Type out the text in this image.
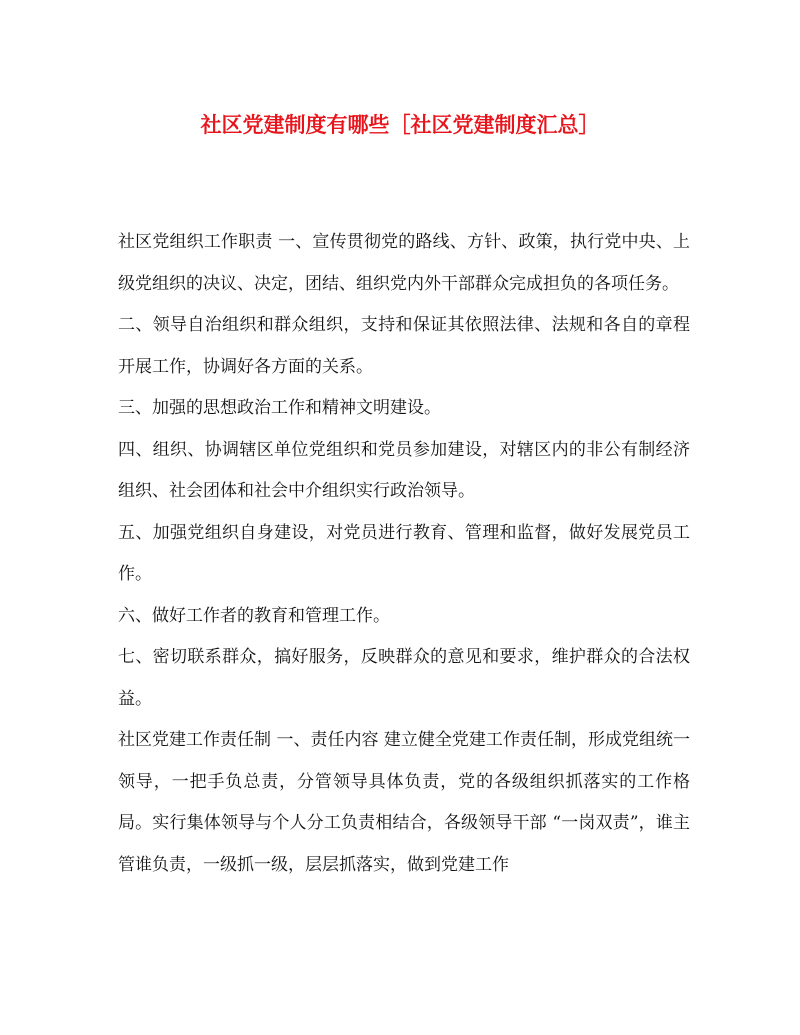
社区党建制度有哪些［社区党建制度汇总］

社区党组织工作职责 一、宣传贯彻党的路线、方针、政策，执行党中央、上级党组织的决议、决定，团结、组织党内外干部群众完成担负的各项任务。

二、领导自治组织和群众组织，支持和保证其依照法律、法规和各自的章程开展工作，协调好各方面的关系。

三、加强的思想政治工作和精神文明建设。

四、组织、协调辖区单位党组织和党员参加建设，对辖区内的非公有制经济组织、社会团体和社会中介组织实行政治领导。

五、加强党组织自身建设，对党员进行教育、管理和监督，做好发展党员工作。

六、做好工作者的教育和管理工作。

七、密切联系群众，搞好服务，反映群众的意见和要求，维护群众的合法权益。

社区党建工作责任制 一、责任内容 建立健全党建工作责任制，形成党组统一领导，一把手负总责，分管领导具体负责，党的各级组织抓落实的工作格局。实行集体领导与个人分工负责相结合，各级领导干部 “一岗双责”，谁主管谁负责，一级抓一级，层层抓落实，做到党建工作
